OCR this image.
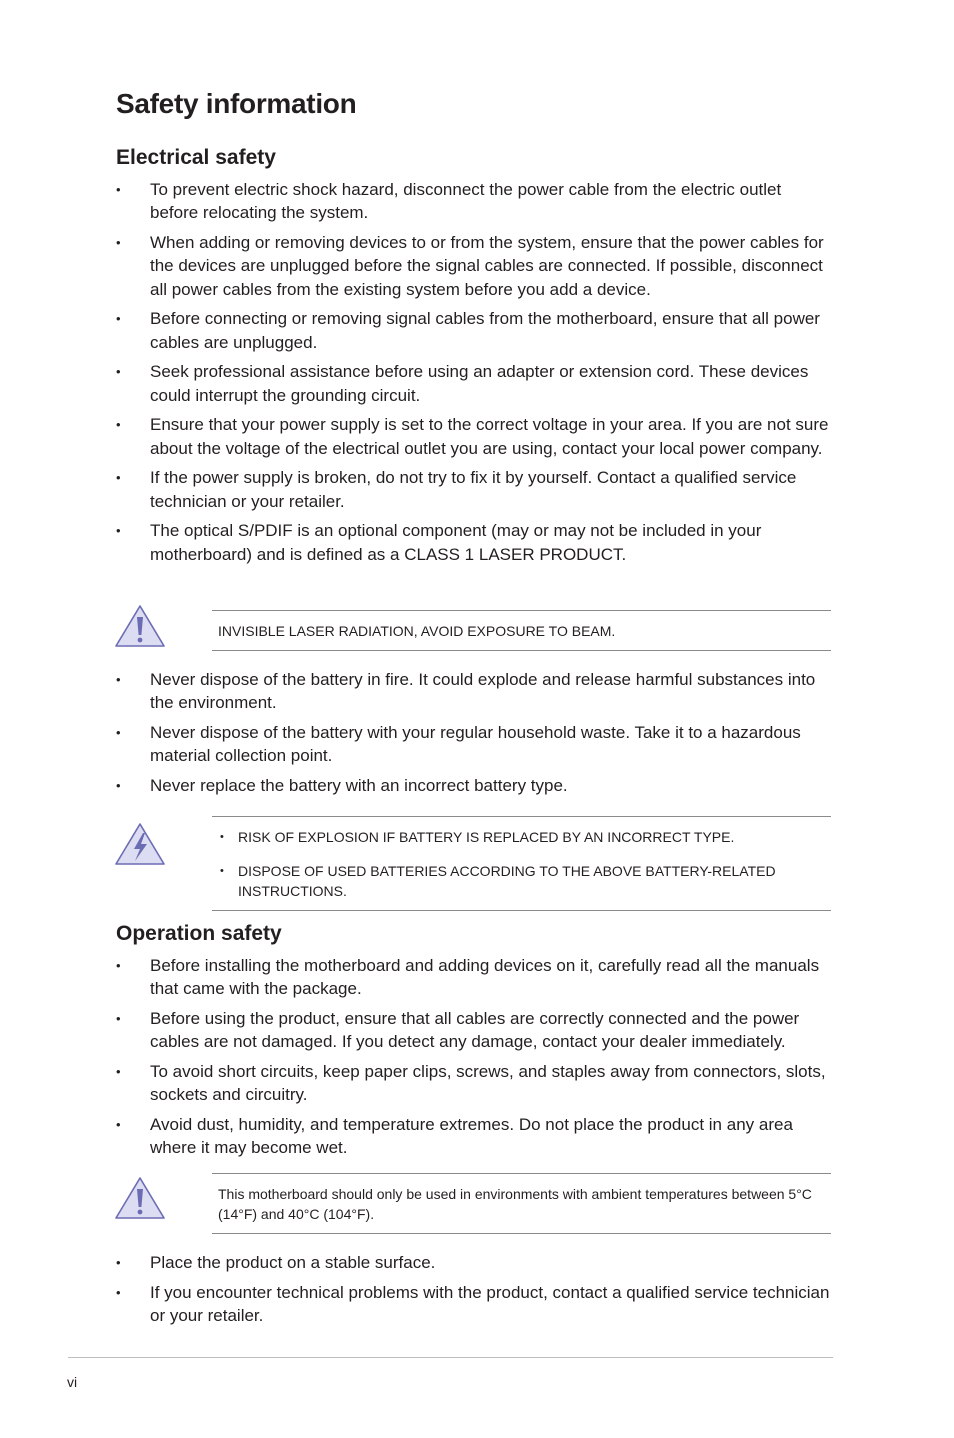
Safety information
Electrical safety
• To prevent electric shock hazard, disconnect the power cable from the electric outlet before relocating the system.
• When adding or removing devices to or from the system, ensure that the power cables for the devices are unplugged before the signal cables are connected. If possible, disconnect all power cables from the existing system before you add a device.
• Before connecting or removing signal cables from the motherboard, ensure that all power cables are unplugged.
• Seek professional assistance before using an adapter or extension cord. These devices could interrupt the grounding circuit.
• Ensure that your power supply is set to the correct voltage in your area. If you are not sure about the voltage of the electrical outlet you are using, contact your local power company.
• If the power supply is broken, do not try to fix it by yourself. Contact a qualified service technician or your retailer.
• The optical S/PDIF is an optional component (may or may not be included in your motherboard) and is defined as a CLASS 1 LASER PRODUCT.

INVISIBLE LASER RADIATION, AVOID EXPOSURE TO BEAM.

• Never dispose of the battery in fire. It could explode and release harmful substances into the environment.
• Never dispose of the battery with your regular household waste. Take it to a hazardous material collection point.
• Never replace the battery with an incorrect battery type.
• RISK OF EXPLOSION IF BATTERY IS REPLACED BY AN INCORRECT TYPE.
• DISPOSE OF USED BATTERIES ACCORDING TO THE ABOVE BATTERY-RELATED INSTRUCTIONS.
Operation safety
• Before installing the motherboard and adding devices on it, carefully read all the manuals that came with the package.
• Before using the product, ensure that all cables are correctly connected and the power cables are not damaged. If you detect any damage, contact your dealer immediately.
• To avoid short circuits, keep paper clips, screws, and staples away from connectors, slots, sockets and circuitry.
• Avoid dust, humidity, and temperature extremes. Do not place the product in any area where it may become wet.

This motherboard should only be used in environments with ambient temperatures between 5°C (14°F) and 40°C (104°F).

• Place the product on a stable surface.
• If you encounter technical problems with the product, contact a qualified service technician or your retailer.
vi
